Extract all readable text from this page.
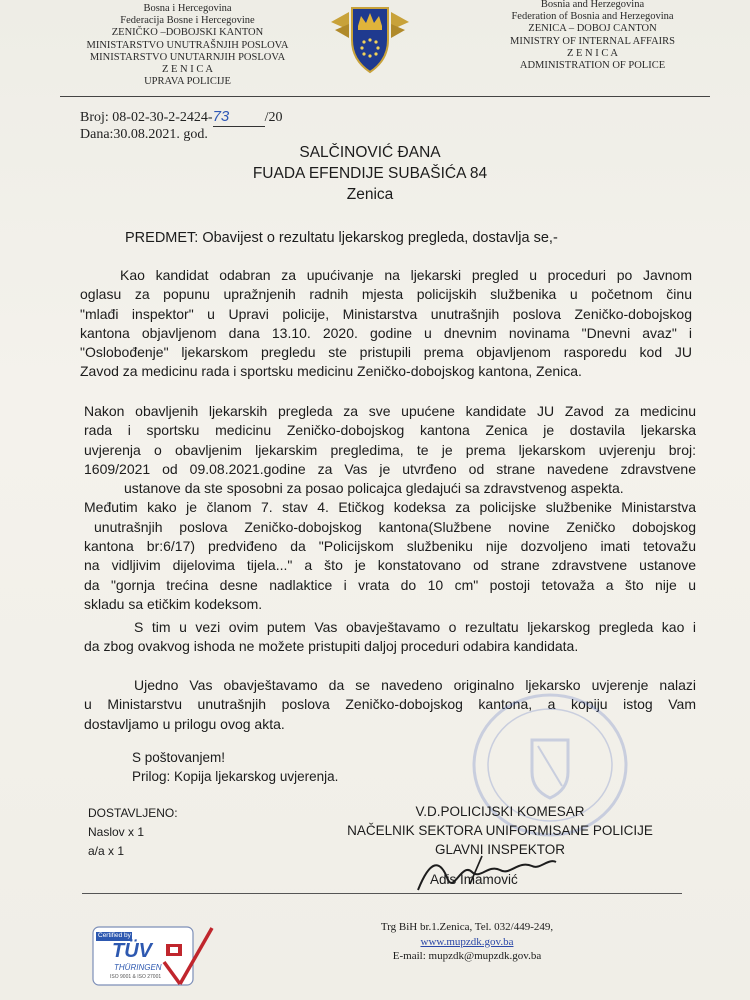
Bosna i Hercegovina
Federacija Bosne i Hercegovine
ZENIČKO –DOBOJSKI KANTON
MINISTARSTVO UNUTRAŠNJIH POSLOVA
MINISTARSTVO UNUTARNJIH POSLOVA
Z E N I C A
UPRAVA POLICIJE
Bosnia and Herzegovina
Federation of Bosnia and Herzegovina
ZENICA – DOBOJ CANTON
MINISTRY OF INTERNAL AFFAIRS
Z E N I C A
ADMINISTRATION OF POLICE
Broj: 08-02-30-2-2424-73	/20
Dana:30.08.2021. god.
SALČINOVIĆ ĐANA
FUADA EFENDIJE SUBAŠIĆA 84
Zenica
PREDMET: Obavijest o rezultatu ljekarskog pregleda, dostavlja se,-
Kao kandidat odabran za upućivanje na ljekarski pregled u proceduri po Javnom
oglasu za popunu upražnjenih radnih mjesta policijskih službenika u početnom činu
"mlađi inspektor" u Upravi policije, Ministarstva unutrašnjih poslova Zeničko-dobojskog
kantona objavljenom dana 13.10. 2020. godine u dnevnim novinama "Dnevni avaz" i
"Oslobođenje" ljekarskom pregledu ste pristupili prema objavljenom rasporedu kod JU
Zavod za medicinu rada i sportsku medicinu Zeničko-dobojskog kantona, Zenica.
Nakon obavljenih ljekarskih pregleda za sve upućene kandidate JU Zavod za medicinu
rada i sportsku medicinu Zeničko-dobojskog kantona Zenica je dostavila ljekarska
uvjerenja o obavljenim ljekarskim pregledima, te je prema ljekarskom uvjerenju broj:
1609/2021 od 09.08.2021.godine za Vas je utvrđeno od strane navedene zdravstvene
ustanove da ste sposobni za posao policajca gledajući sa zdravstvenog aspekta.
Međutim kako je članom 7. stav 4. Etičkog kodeksa za policijske službenike Ministarstva
unutrašnjih poslova Zeničko-dobojskog kantona(Službene novine Zeničko dobojskog
kantona br:6/17) predviđeno da "Policijskom službeniku nije dozvoljeno imati tetovažu
na vidljivim dijelovima tijela..." a što je konstatovano od strane zdravstvene ustanove
da "gornja trećina desne nadlaktice i vrata do 10 cm" postoji tetovaža a što nije u
skladu sa etičkim kodeksom.
S tim u vezi ovim putem Vas obavještavamo o rezultatu ljekarskog pregleda kao i
da zbog ovakvog ishoda ne možete pristupiti daljoj proceduri odabira kandidata.
Ujedno Vas obavještavamo da se navedeno originalno ljekarsko uvjerenje nalazi
u Ministarstvu unutrašnjih poslova Zeničko-dobojskog kantona, a kopiju istog Vam
dostavljamo u prilogu ovog akta.
S poštovanjem!
Prilog: Kopija ljekarskog uvjerenja.
DOSTAVLJENO:
Naslov x 1
a/a x 1
V.D.POLICIJSKI KOMESAR
NAČELNIK SEKTORA UNIFORMISANE POLICIJE
GLAVNI INSPEKTOR
Adis Imamović
Certified by
TÜV
THÜRINGEN
ISO 9001 & ISO 27001
Trg BiH br.1.Zenica, Tel. 032/449-249,
www.mupzdk.gov.ba
E-mail: mupzdk@mupzdk.gov.ba
